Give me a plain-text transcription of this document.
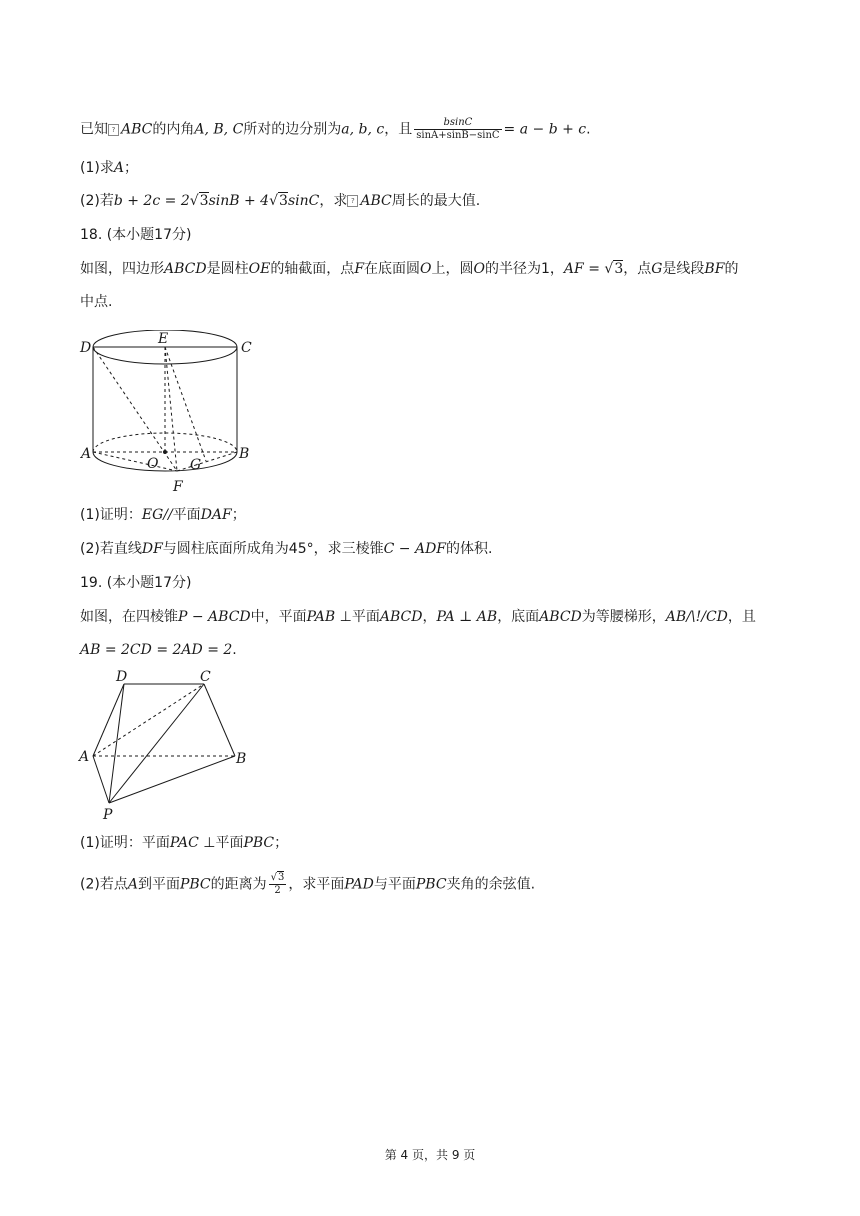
已知 ? ABC的内角A, B, C所对的边分别为a, b, c，且 $\frac{bsinC}{\sin A+\sin B-\sin C} = a - b + c$.
(1)求A；
(2)若b + 2c = 2√3sinB + 4√3sinC，求 ? ABC周长的最大值.
18. (本小题17分)
如图，四边形ABCD是圆柱OE的轴截面，点F在底面圆O上，圆O的半径为1，AF = √3，点G是线段BF的
中点.
D
E
C
A
O G
B
F
(1)证明：EG//平面DAF；
(2)若直线DF与圆柱底面所成角为45°，求三棱锥C − ADF的体积.
19. (本小题17分)
如图，在四棱锥P − ABCD中，平面PAB ⊥平面ABCD，PA ⊥ AB，底面ABCD为等腰梯形，AB/\!/CD，且
AB = 2CD = 2AD = 2.
D	C
A	B
P
(1)证明：平面PAC ⊥平面PBC；
(2)若点A到平面PBC的距离为 $\frac{√3}{2}$ ，求平面PAD与平面PBC夹角的余弦值.
第 4 页，共 9 页
